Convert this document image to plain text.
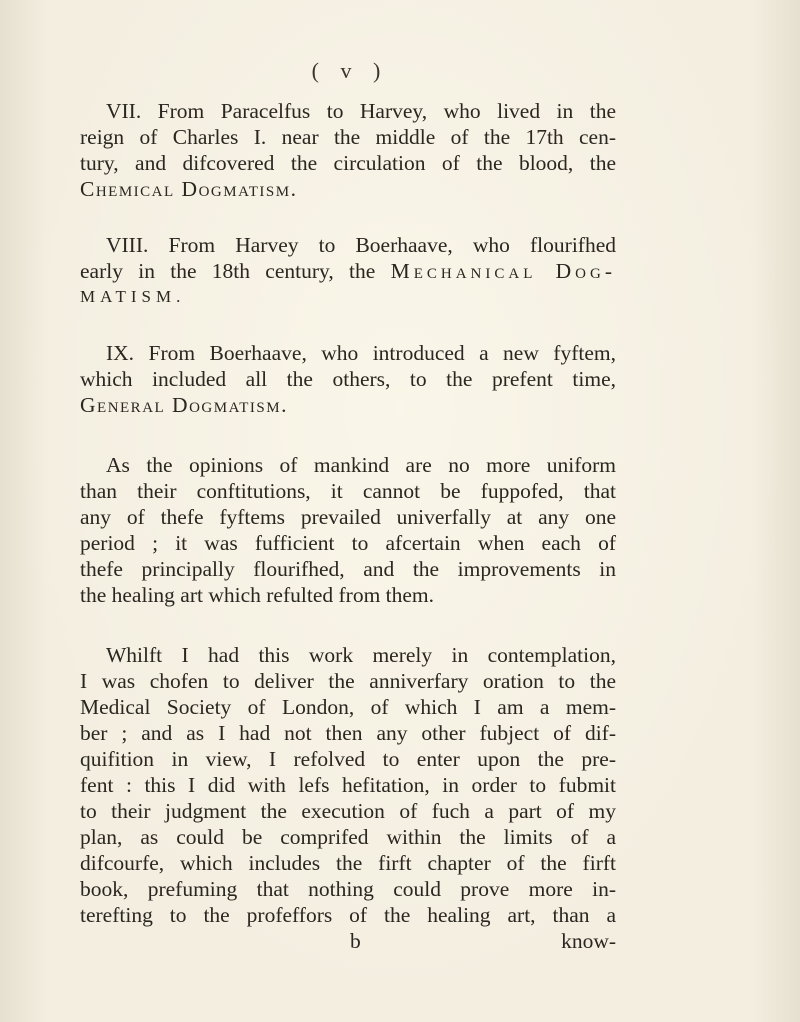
( v )
VII. From Paracelfus to Harvey, who lived in the
reign of Charles I. near the middle of the 17th cen-
tury, and difcovered the circulation of the blood, the
Chemical Dogmatism.
VIII. From Harvey to Boerhaave, who flourifhed
early in the 18th century, the Mechanical Dog-
MATISM.
IX. From Boerhaave, who introduced a new fyftem,
which included all the others, to the prefent time,
General Dogmatism.
As the opinions of mankind are no more uniform
than their conftitutions, it cannot be fuppofed, that
any of thefe fyftems prevailed univerfally at any one
period ; it was fufficient to afcertain when each of
thefe principally flourifhed, and the improvements in
the healing art which refulted from them.
Whilft I had this work merely in contemplation,
I was chofen to deliver the anniverfary oration to the
Medical Society of London, of which I am a mem-
ber ; and as I had not then any other fubject of dif-
quifition in view, I refolved to enter upon the pre-
fent : this I did with lefs hefitation, in order to fubmit
to their judgment the execution of fuch a part of my
plan, as could be comprifed within the limits of a
difcourfe, which includes the firft chapter of the firft
book, prefuming that nothing could prove more in-
terefting to the profeffors of the healing art, than a
b	know-
